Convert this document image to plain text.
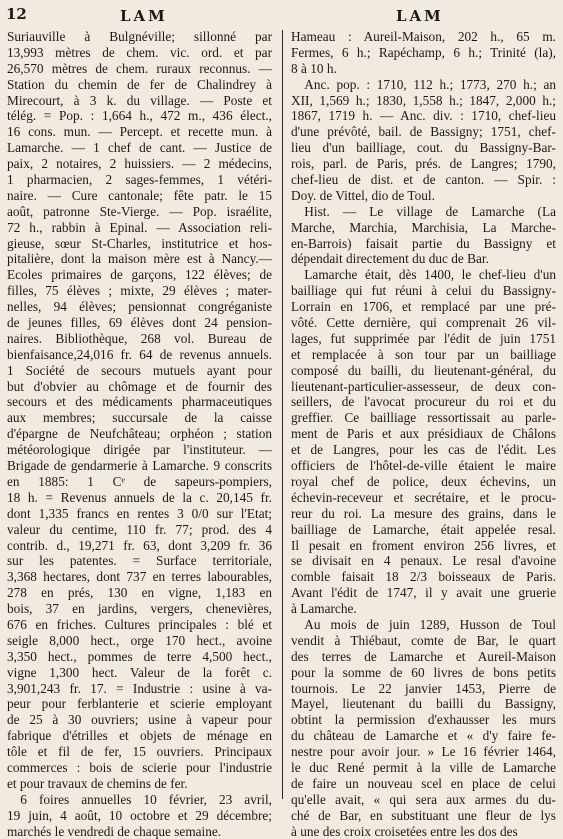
12	LAM	LAM
Suriauville à Bulgnéville; sillonné par
13,993 mètres de chem. vic. ord. et par
26,570 mètres de chem. ruraux reconnus. —
Station du chemin de fer de Chalindrey à
Mirecourt, à 3 k. du village. — Poste et
télég. = Pop. : 1,664 h., 472 m., 436 élect.,
16 cons. mun. — Percept. et recette mun. à
Lamarche. — 1 chef de cant. — Justice de
paix, 2 notaires, 2 huissiers. — 2 médecins,
1 pharmacien, 2 sages-femmes, 1 vétéri-
naire. — Cure cantonale; fête patr. le 15
août, patronne Ste-Vierge. — Pop. israélite,
72 h., rabbin à Epinal. — Association reli-
gieuse, sœur St-Charles, institutrice et hos-
pitalière, dont la maison mère est à Nancy.—
Ecoles primaires de garçons, 122 élèves; de
filles, 75 élèves ; mixte, 29 élèves ; mater-
nelles, 94 élèves; pensionnat congréganiste
de jeunes filles, 69 élèves dont 24 pension-
naires. Bibliothèque, 268 vol. Bureau de
bienfaisance,24,016 fr. 64 de revenus annuels.
1 Société de secours mutuels ayant pour
but d'obvier au chômage et de fournir des
secours et des médicaments pharmaceutiques
aux membres; succursale de la caisse
d'épargne de Neufchâteau; orphéon ; station
météorologique dirigée par l'instituteur. —
Brigade de gendarmerie à Lamarche. 9 conscrits
en 1885: 1 Cᵉ de sapeurs-pompiers,
18 h. = Revenus annuels de la c. 20,145 fr.
dont 1,335 francs en rentes 3 0/0 sur l'Etat;
valeur du centime, 110 fr. 77; prod. des 4
contrib. d., 19,271 fr. 63, dont 3,209 fr. 36
sur les patentes. = Surface territoriale,
3,368 hectares, dont 737 en terres labourables,
278 en prés, 130 en vigne, 1,183 en
bois, 37 en jardins, vergers, chenevières,
676 en friches. Cultures principales : blé et
seigle 8,000 hect., orge 170 hect., avoine
3,350 hect., pommes de terre 4,500 hect.,
vigne 1,300 hect. Valeur de la forêt c.
3,901,243 fr. 17. = Industrie : usine à va-
peur pour ferblanterie et scierie employant
de 25 à 30 ouvriers; usine à vapeur pour
fabrique d'étrilles et objets de ménage en
tôle et fil de fer, 15 ouvriers. Principaux
commerces : bois de scierie pour l'industrie
et pour travaux de chemins de fer.
 6 foires annuelles 10 février, 23 avril,
19 juin, 4 août, 10 octobre et 29 décembre;
marchés le vendredi de chaque semaine.
Hameau : Aureil-Maison, 202 h., 65 m.
Fermes, 6 h.; Rapéchamp, 6 h.; Trinité (la),
8 à 10 h.
 Anc. pop. : 1710, 112 h.; 1773, 270 h.; an
XII, 1,569 h.; 1830, 1,558 h.; 1847, 2,000 h.;
1867, 1719 h. — Anc. div. : 1710, chef-lieu
d'une prévôté, bail. de Bassigny; 1751, chef-
lieu d'un bailliage, cout. du Bassigny-Bar-
rois, parl. de Paris, prés. de Langres; 1790,
chef-lieu de dist. et de canton. — Spir. :
Doy. de Vittel, dio de Toul.
 Hist. — Le village de Lamarche (La
Marche, Marchia, Marchisia, La Marche-
en-Barrois) faisait partie du Bassigny et
dépendait directement du duc de Bar.
 Lamarche était, dès 1400, le chef-lieu d'un
bailliage qui fut réuni à celui du Bassigny-
Lorrain en 1706, et remplacé par une pré-
vôté. Cette dernière, qui comprenait 26 vil-
lages, fut supprimée par l'édit de juin 1751
et remplacée à son tour par un bailliage
composé du bailli, du lieutenant-général, du
lieutenant-particulier-assesseur, de deux con-
seillers, de l'avocat procureur du roi et du
greffier. Ce bailliage ressortissait au parle-
ment de Paris et aux présidiaux de Châlons
et de Langres, pour les cas de l'édit. Les
officiers de l'hôtel-de-ville étaient le maire
royal chef de police, deux échevins, un
échevin-receveur et secrétaire, et le procu-
reur du roi. La mesure des grains, dans le
bailliage de Lamarche, était appelée resal.
Il pesait en froment environ 256 livres, et
se divisait en 4 penaux. Le resal d'avoine
comble faisait 18 2/3 boisseaux de Paris.
Avant l'édit de 1747, il y avait une gruerie
à Lamarche.
 Au mois de juin 1289, Husson de Toul
vendit à Thiébaut, comte de Bar, le quart
des terres de Lamarche et Aureil-Maison
pour la somme de 60 livres de bons petits
tournois. Le 22 janvier 1453, Pierre de
Mayel, lieutenant du bailli du Bassigny,
obtint la permission d'exhausser les murs
du château de Lamarche et « d'y faire fe-
nestre pour avoir jour. » Le 16 février 1464,
le duc René permit à la ville de Lamarche
de faire un nouveau scel en place de celui
qu'elle avait, « qui sera aux armes du du-
ché de Bar, en substituant une fleur de lys
à une des croix croisetées entre les dos des
